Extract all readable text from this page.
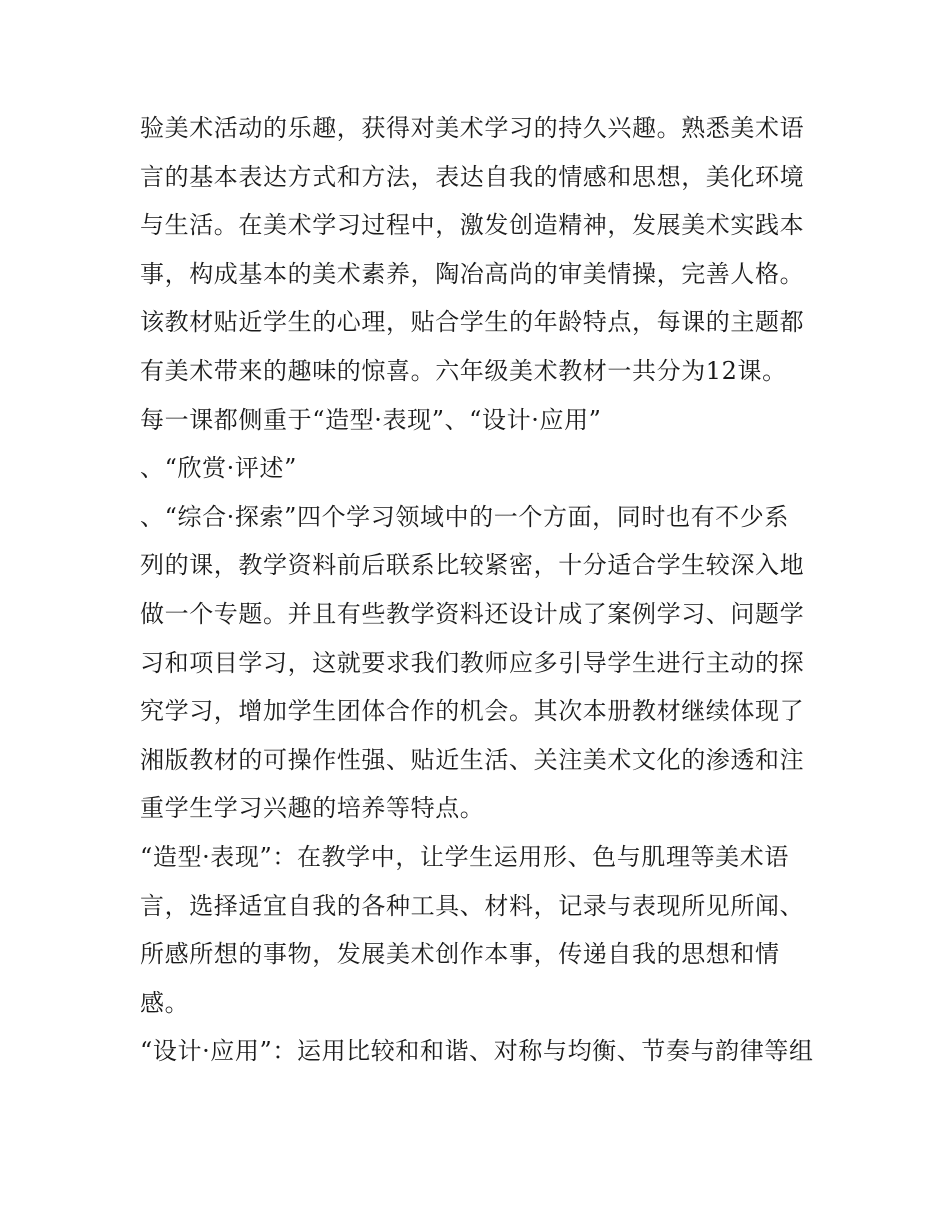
验美术活动的乐趣，获得对美术学习的持久兴趣。熟悉美术语
言的基本表达方式和方法，表达自我的情感和思想，美化环境
与生活。在美术学习过程中，激发创造精神，发展美术实践本
事，构成基本的美术素养，陶冶高尚的审美情操，完善人格。
该教材贴近学生的心理，贴合学生的年龄特点，每课的主题都
有美术带来的趣味的惊喜。六年级美术教材一共分为12课。
每一课都侧重于“造型·表现”、“设计·应用”
、“欣赏·评述”
、“综合·探索”四个学习领域中的一个方面，同时也有不少系
列的课，教学资料前后联系比较紧密，十分适合学生较深入地
做一个专题。并且有些教学资料还设计成了案例学习、问题学
习和项目学习，这就要求我们教师应多引导学生进行主动的探
究学习，增加学生团体合作的机会。其次本册教材继续体现了
湘版教材的可操作性强、贴近生活、关注美术文化的渗透和注
重学生学习兴趣的培养等特点。
“造型·表现”：在教学中，让学生运用形、色与肌理等美术语
言，选择适宜自我的各种工具、材料，记录与表现所见所闻、
所感所想的事物，发展美术创作本事，传递自我的思想和情
感。
“设计·应用”：运用比较和和谐、对称与均衡、节奏与韵律等组
